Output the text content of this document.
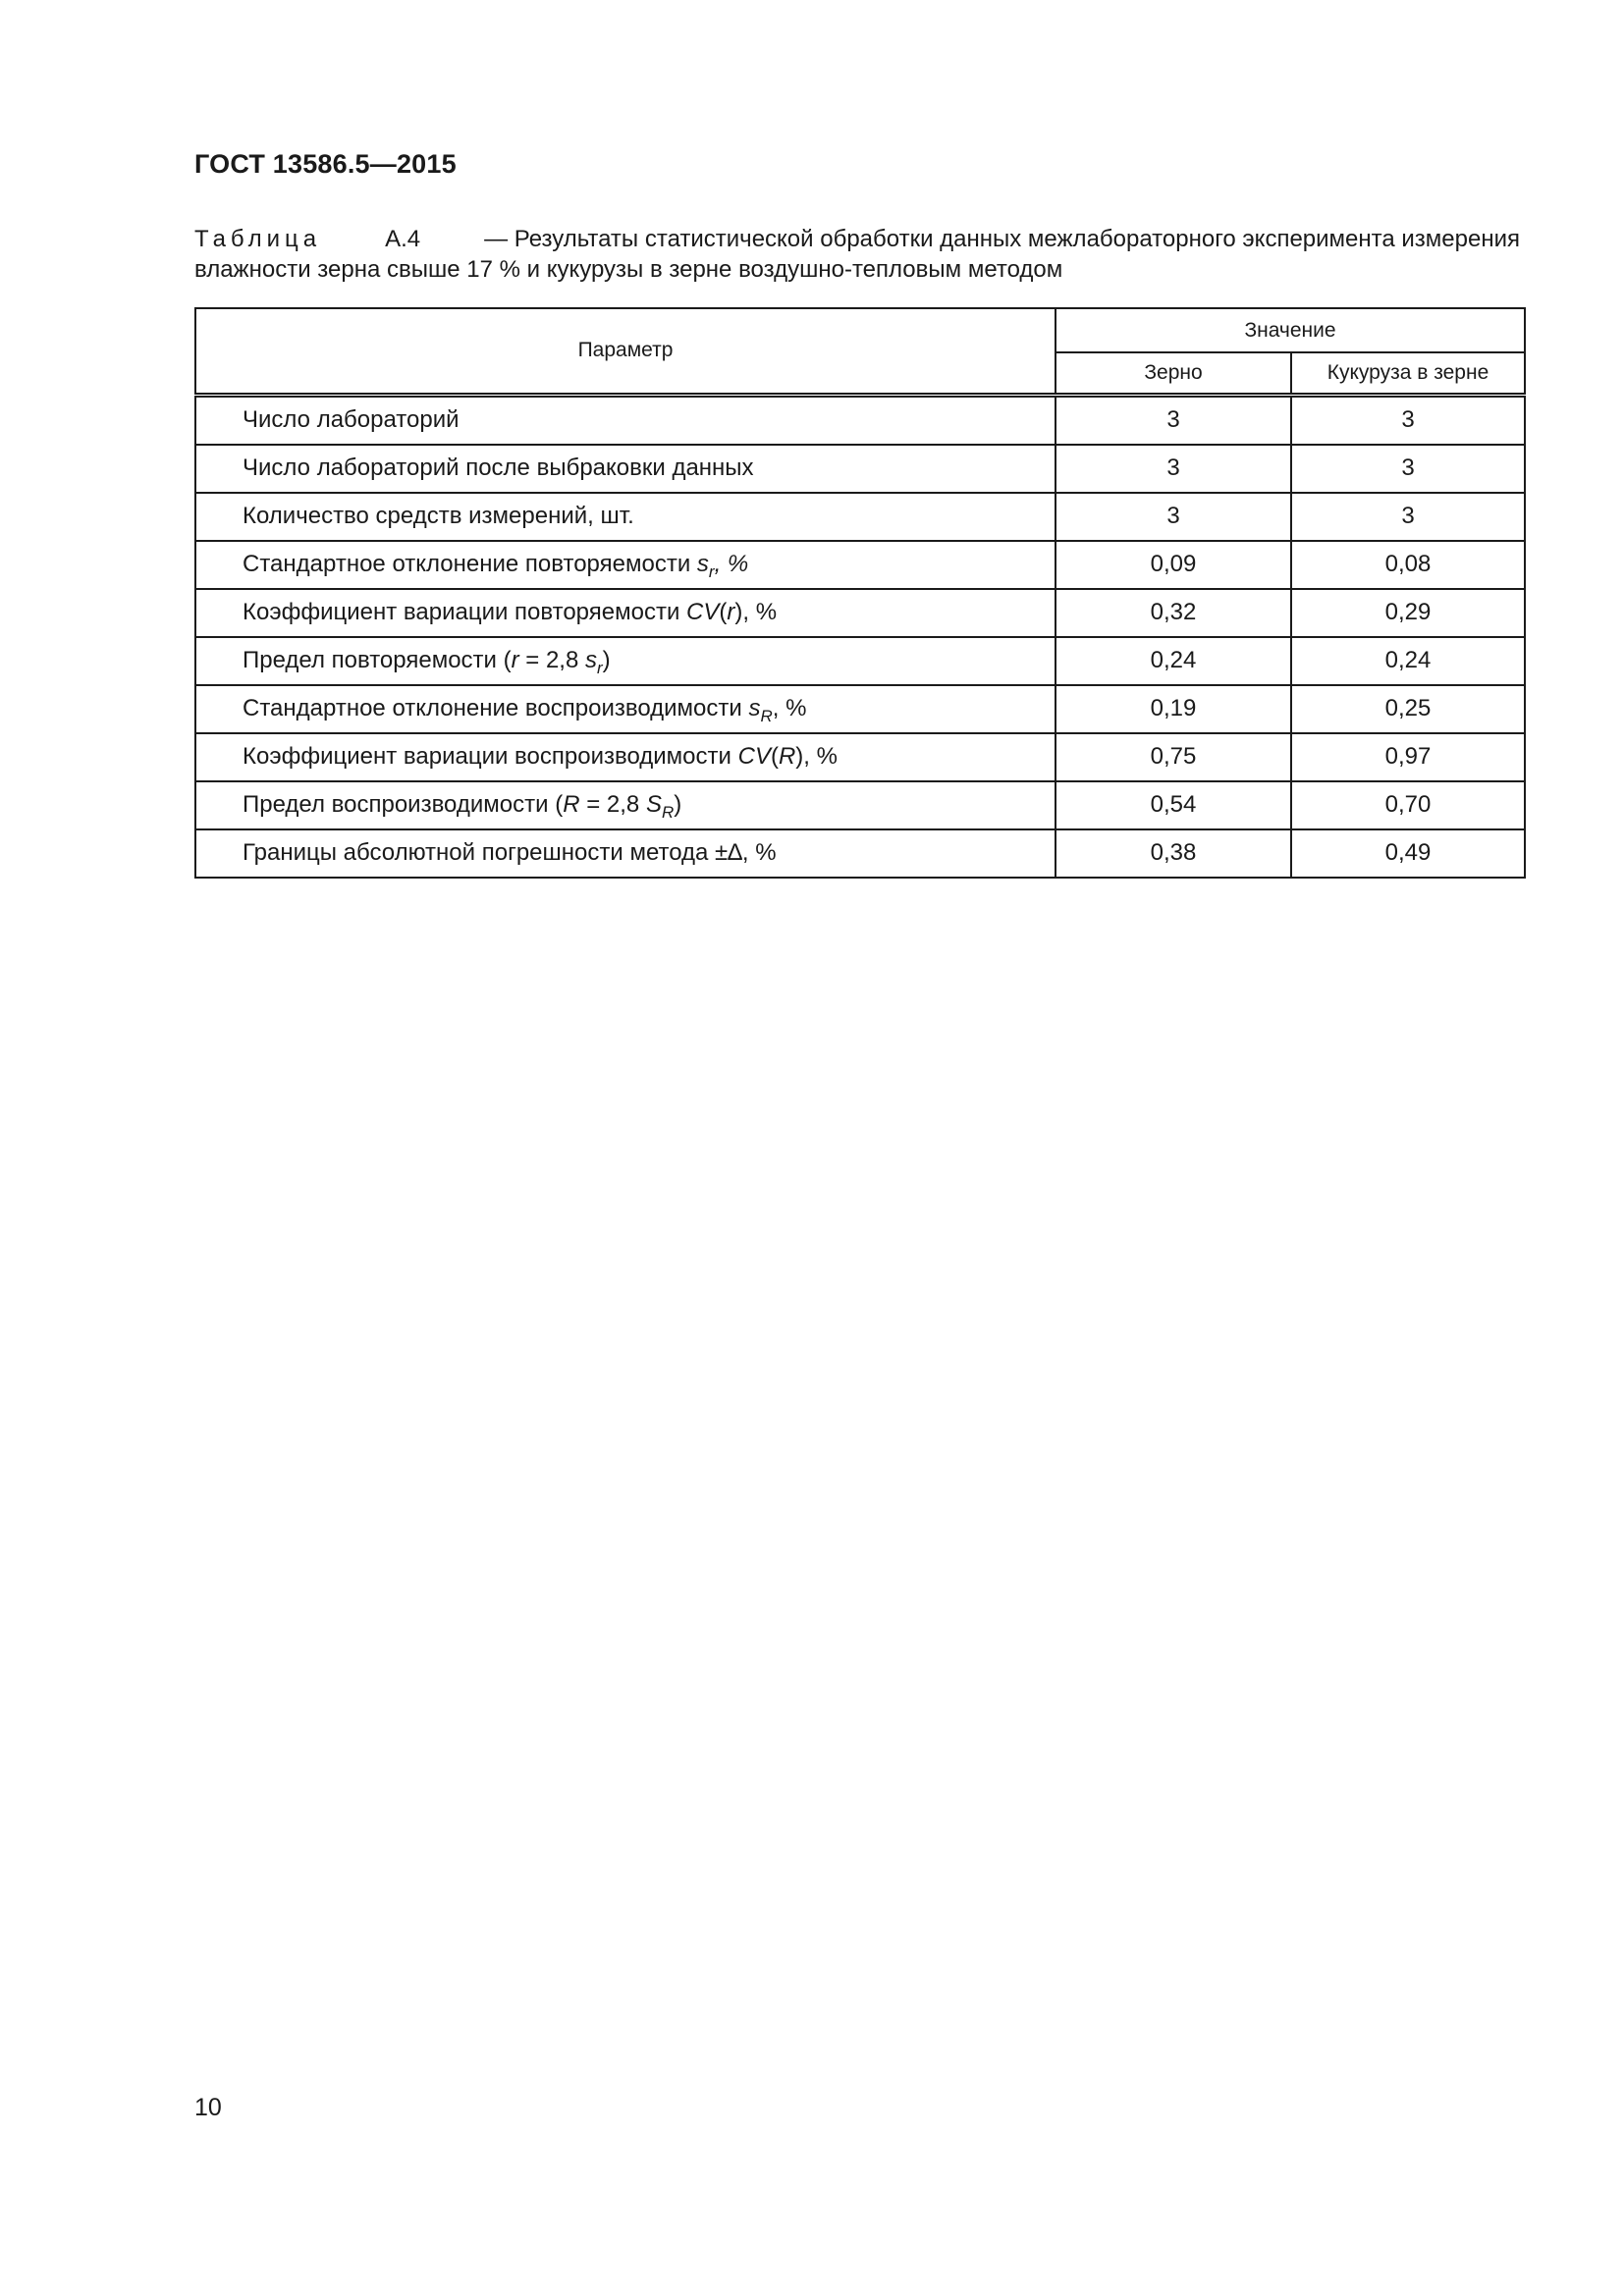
ГОСТ 13586.5—2015
Таблица	А.4	— Результаты статистической обработки данных межлабораторного эксперимента измерения
влажности зерна свыше 17 % и кукурузы в зерне воздушно-тепловым методом
Параметр	Значение	
	Зерно	Кукуруза в зерне
Число лабораторий	3	3
Число лабораторий после выбраковки данных	3	3
Количество средств измерений, шт.	3	3
Стандартное отклонение повторяемости $s_r$, %	0,09	0,08
Коэффициент вариации повторяемости CV(r), %	0,32	0,29
Предел повторяемости (r = 2,8 $s_r$)	0,24	0,24
Стандартное отклонение воспроизводимости $s_R$, %	0,19	0,25
Коэффициент вариации воспроизводимости CV(R), %	0,75	0,97
Предел воспроизводимости (R = 2,8 $S_R$)	0,54	0,70
Границы абсолютной погрешности метода ±∆, %	0,38	0,49
10
